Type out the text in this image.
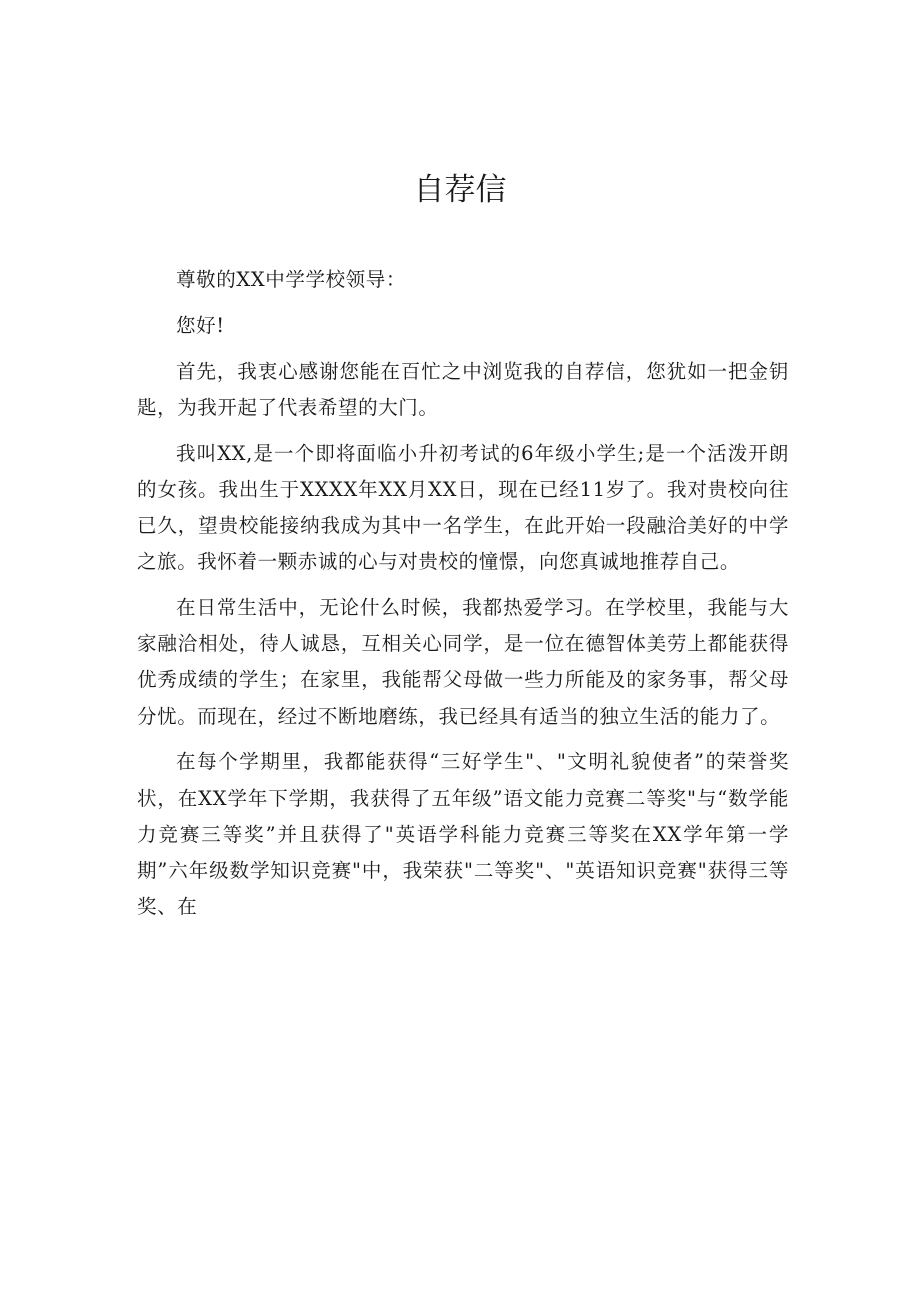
自荐信

尊敬的XX中学学校领导：

您好!

首先，我衷心感谢您能在百忙之中浏览我的自荐信，您犹如一把金钥匙，为我开起了代表希望的大门。

我叫XX,是一个即将面临小升初考试的6年级小学生;是一个活泼开朗的女孩。我出生于XXXX年XX月XX日，现在已经11岁了。我对贵校向往已久，望贵校能接纳我成为其中一名学生，在此开始一段融洽美好的中学之旅。我怀着一颗赤诚的心与对贵校的憧憬，向您真诚地推荐自己。

在日常生活中，无论什么时候，我都热爱学习。在学校里，我能与大家融洽相处，待人诚恳，互相关心同学，是一位在德智体美劳上都能获得优秀成绩的学生；在家里，我能帮父母做一些力所能及的家务事，帮父母分忧。而现在，经过不断地磨练，我已经具有适当的独立生活的能力了。

在每个学期里，我都能获得“三好学生"、"文明礼貌使者”的荣誉奖状，在XX学年下学期，我获得了五年级”语文能力竞赛二等奖"与“数学能力竞赛三等奖”并且获得了"英语学科能力竞赛三等奖在XX学年第一学期”六年级数学知识竞赛"中，我荣获"二等奖"、"英语知识竞赛"获得三等奖、在
